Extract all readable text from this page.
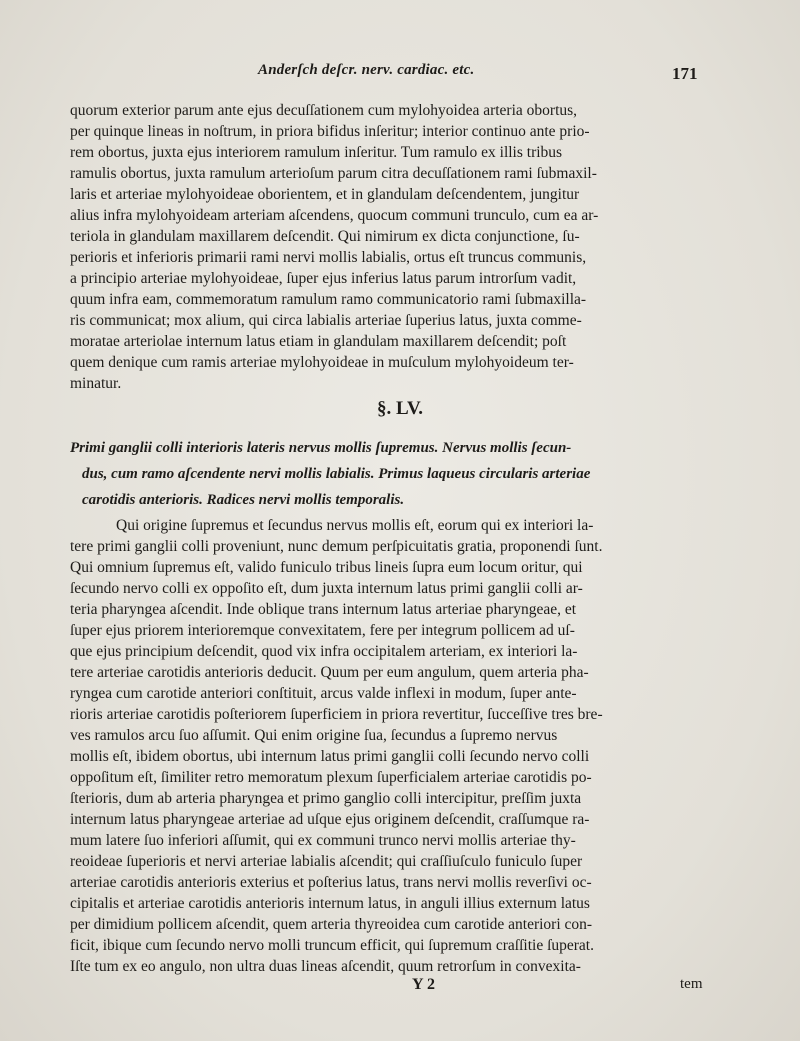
Anderſch deſcr. nerv. cardiac. etc.	171
quorum exterior parum ante ejus decuſſationem cum mylohyoidea arteria obortus,
per quinque lineas in noſtrum, in priora bifidus inſeritur; interior continuo ante prio-
rem obortus, juxta ejus interiorem ramulum inſeritur. Tum ramulo ex illis tribus
ramulis obortus, juxta ramulum arterioſum parum citra decuſſationem rami ſubmaxil-
laris et arteriae mylohyoideae oborientem, et in glandulam deſcendentem, jungitur
alius infra mylohyoideam arteriam aſcendens, quocum communi trunculo, cum ea ar-
teriola in glandulam maxillarem deſcendit. Qui nimirum ex dicta conjunctione, ſu-
perioris et inferioris primarii rami nervi mollis labialis, ortus eſt truncus communis,
a principio arteriae mylohyoideae, ſuper ejus inferius latus parum introrſum vadit,
quum infra eam, commemoratum ramulum ramo communicatorio rami ſubmaxilla-
ris communicat; mox alium, qui circa labialis arteriae ſuperius latus, juxta comme-
moratae arteriolae internum latus etiam in glandulam maxillarem deſcendit; poſt
quem denique cum ramis arteriae mylohyoideae in muſculum mylohyoideum ter-
minatur.
§. LV.
Primi ganglii colli interioris lateris nervus mollis ſupremus. Nervus mollis ſecun-
dus, cum ramo aſcendente nervi mollis labialis. Primus laqueus circularis arteriae
carotidis anterioris. Radices nervi mollis temporalis.
Qui origine ſupremus et ſecundus nervus mollis eſt, eorum qui ex interiori la-
tere primi ganglii colli proveniunt, nunc demum perſpicuitatis gratia, proponendi ſunt.
Qui omnium ſupremus eſt, valido funiculo tribus lineis ſupra eum locum oritur, qui
ſecundo nervo colli ex oppoſito eſt, dum juxta internum latus primi ganglii colli ar-
teria pharyngea aſcendit. Inde oblique trans internum latus arteriae pharyngeae, et
ſuper ejus priorem interioremque convexitatem, fere per integrum pollicem ad uſ-
que ejus principium deſcendit, quod vix infra occipitalem arteriam, ex interiori la-
tere arteriae carotidis anterioris deducit. Quum per eum angulum, quem arteria pha-
ryngea cum carotide anteriori conſtituit, arcus valde inflexi in modum, ſuper ante-
rioris arteriae carotidis poſteriorem ſuperficiem in priora revertitur, ſucceſſive tres bre-
ves ramulos arcu ſuo aſſumit. Qui enim origine ſua, ſecundus a ſupremo nervus
mollis eſt, ibidem obortus, ubi internum latus primi ganglii colli ſecundo nervo colli
oppoſitum eſt, ſimiliter retro memoratum plexum ſuperficialem arteriae carotidis po-
ſterioris, dum ab arteria pharyngea et primo ganglio colli intercipitur, preſſim juxta
internum latus pharyngeae arteriae ad uſque ejus originem deſcendit, craſſumque ra-
mum latere ſuo inferiori aſſumit, qui ex communi trunco nervi mollis arteriae thy-
reoideae ſuperioris et nervi arteriae labialis aſcendit; qui craſſiuſculo funiculo ſuper
arteriae carotidis anterioris exterius et poſterius latus, trans nervi mollis reverſivi oc-
cipitalis et arteriae carotidis anterioris internum latus, in anguli illius externum latus
per dimidium pollicem aſcendit, quem arteria thyreoidea cum carotide anteriori con-
ficit, ibique cum ſecundo nervo molli truncum efficit, qui ſupremum craſſitie ſuperat.
Iſte tum ex eo angulo, non ultra duas lineas aſcendit, quum retrorſum in convexita-
Y 2	tem
